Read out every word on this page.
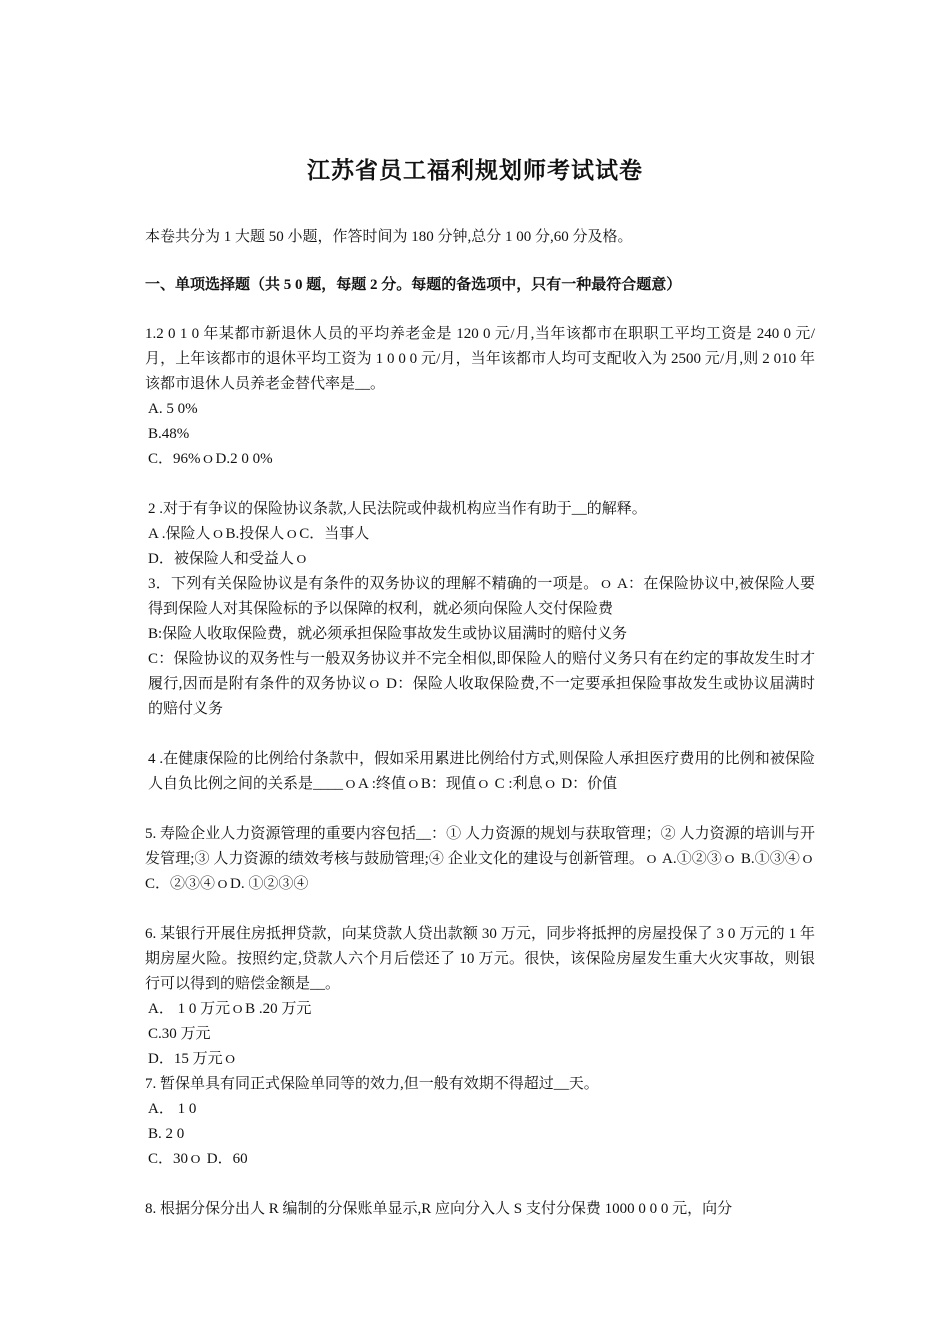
江苏省员工福利规划师考试试卷
本卷共分为 1 大题 50 小题，作答时间为 180 分钟,总分 1 00 分,60 分及格。
一、单项选择题（共 5 0 题，每题 2 分。每题的备选项中，只有一种最符合题意）

1.2 0 1 0 年某都市新退休人员的平均养老金是 120 0 元/月,当年该都市在职职工平均工资是 240 0 元/月，上年该都市的退休平均工资为 1 0 0 0 元/月，当年该都市人均可支配收入为 2500 元/月,则 2 010 年该都市退休人员养老金替代率是__。

A. 5 0%

B.48%

C．96%ｏD.2 0 0%

2 .对于有争议的保险协议条款,人民法院或仲裁机构应当作有助于__的解释。

A .保险人ｏB.投保人ｏC．当事人

D．被保险人和受益人ｏ

3．下列有关保险协议是有条件的双务协议的理解不精确的一项是。ｏ A：在保险协议中,被保险人要得到保险人对其保险标的予以保障的权利，就必须向保险人交付保险费

B:保险人收取保险费，就必须承担保险事故发生或协议届满时的赔付义务

C：保险协议的双务性与一般双务协议并不完全相似,即保险人的赔付义务只有在约定的事故发生时才履行,因而是附有条件的双务协议ｏ D：保险人收取保险费,不一定要承担保险事故发生或协议届满时的赔付义务

4 .在健康保险的比例给付条款中，假如采用累进比例给付方式,则保险人承担医疗费用的比例和被保险人自负比例之间的关系是____ｏA :终值ｏB：现值ｏ C :利息ｏ D：价值

5. 寿险企业人力资源管理的重要内容包括__：① 人力资源的规划与获取管理；② 人力资源的培训与开发管理;③ 人力资源的绩效考核与鼓励管理;④ 企业文化的建设与创新管理。ｏ A.①②③ｏ B.①③④ｏC．②③④ｏD. ①②③④

6. 某银行开展住房抵押贷款，向某贷款人贷出款额 30 万元，同步将抵押的房屋投保了 3 0 万元的 1 年期房屋火险。按照约定,贷款人六个月后偿还了 10 万元。很快，该保险房屋发生重大火灾事故，则银行可以得到的赔偿金额是__。

A． 1 0 万元ｏB .20 万元

C.30 万元

D．15 万元ｏ

7. 暂保单具有同正式保险单同等的效力,但一般有效期不得超过__天。

A． 1 0

B. 2 0

C．30ｏ D．60

8. 根据分保分出人 R 编制的分保账单显示,R 应向分入人 S 支付分保费 1000 0 0 0 元，向分
